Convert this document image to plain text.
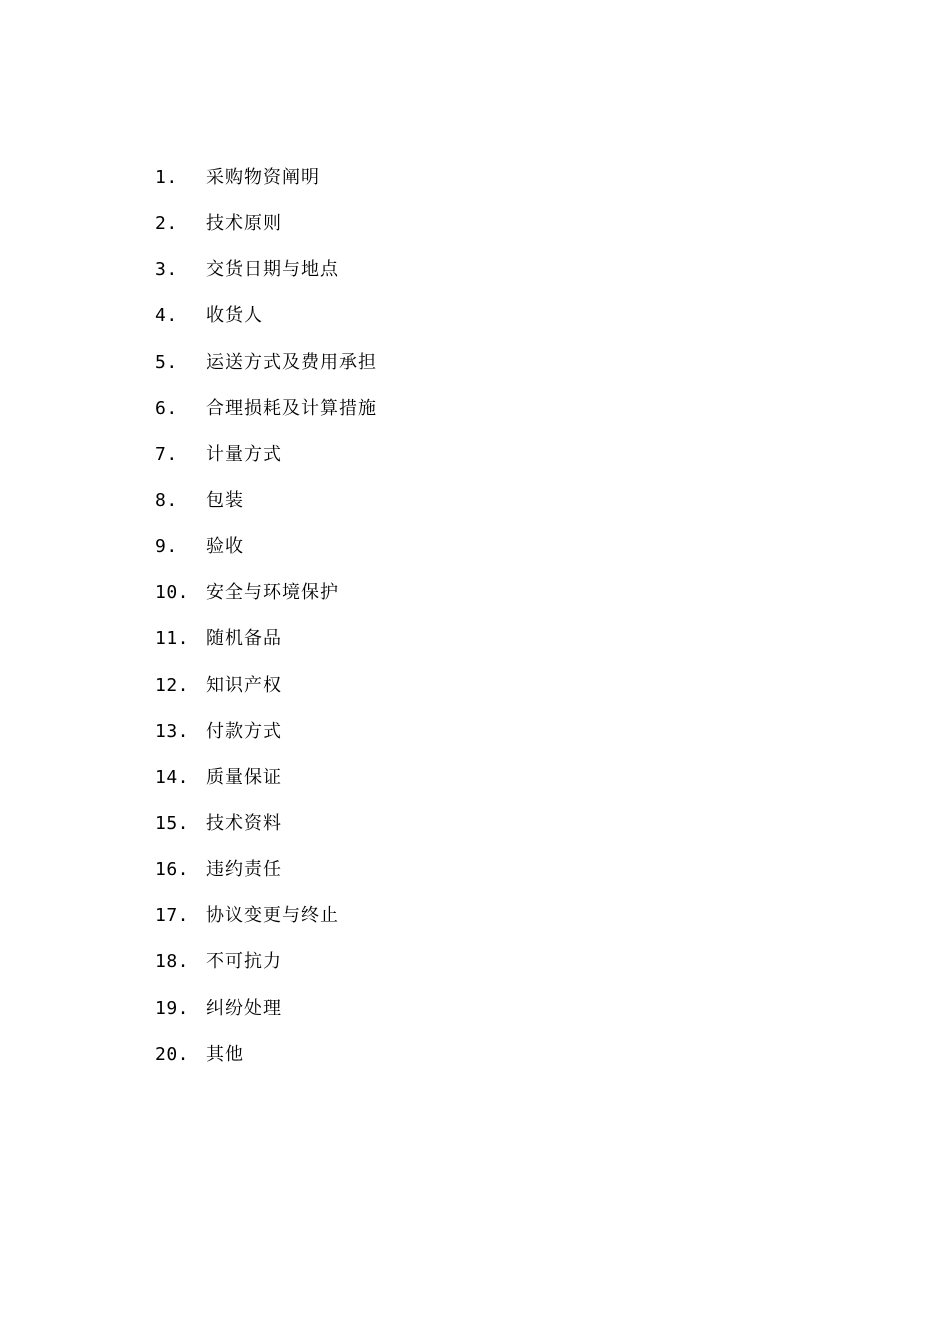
1.	采购物资阐明
2.	技术原则
3.	交货日期与地点
4.	收货人
5.	运送方式及费用承担
6.	合理损耗及计算措施
7.	计量方式
8.	包装
9.	验收
10. 安全与环境保护
11. 随机备品
12. 知识产权
13. 付款方式
14. 质量保证
15. 技术资料
16. 违约责任
17. 协议变更与终止
18. 不可抗力
19. 纠纷处理
20. 其他
